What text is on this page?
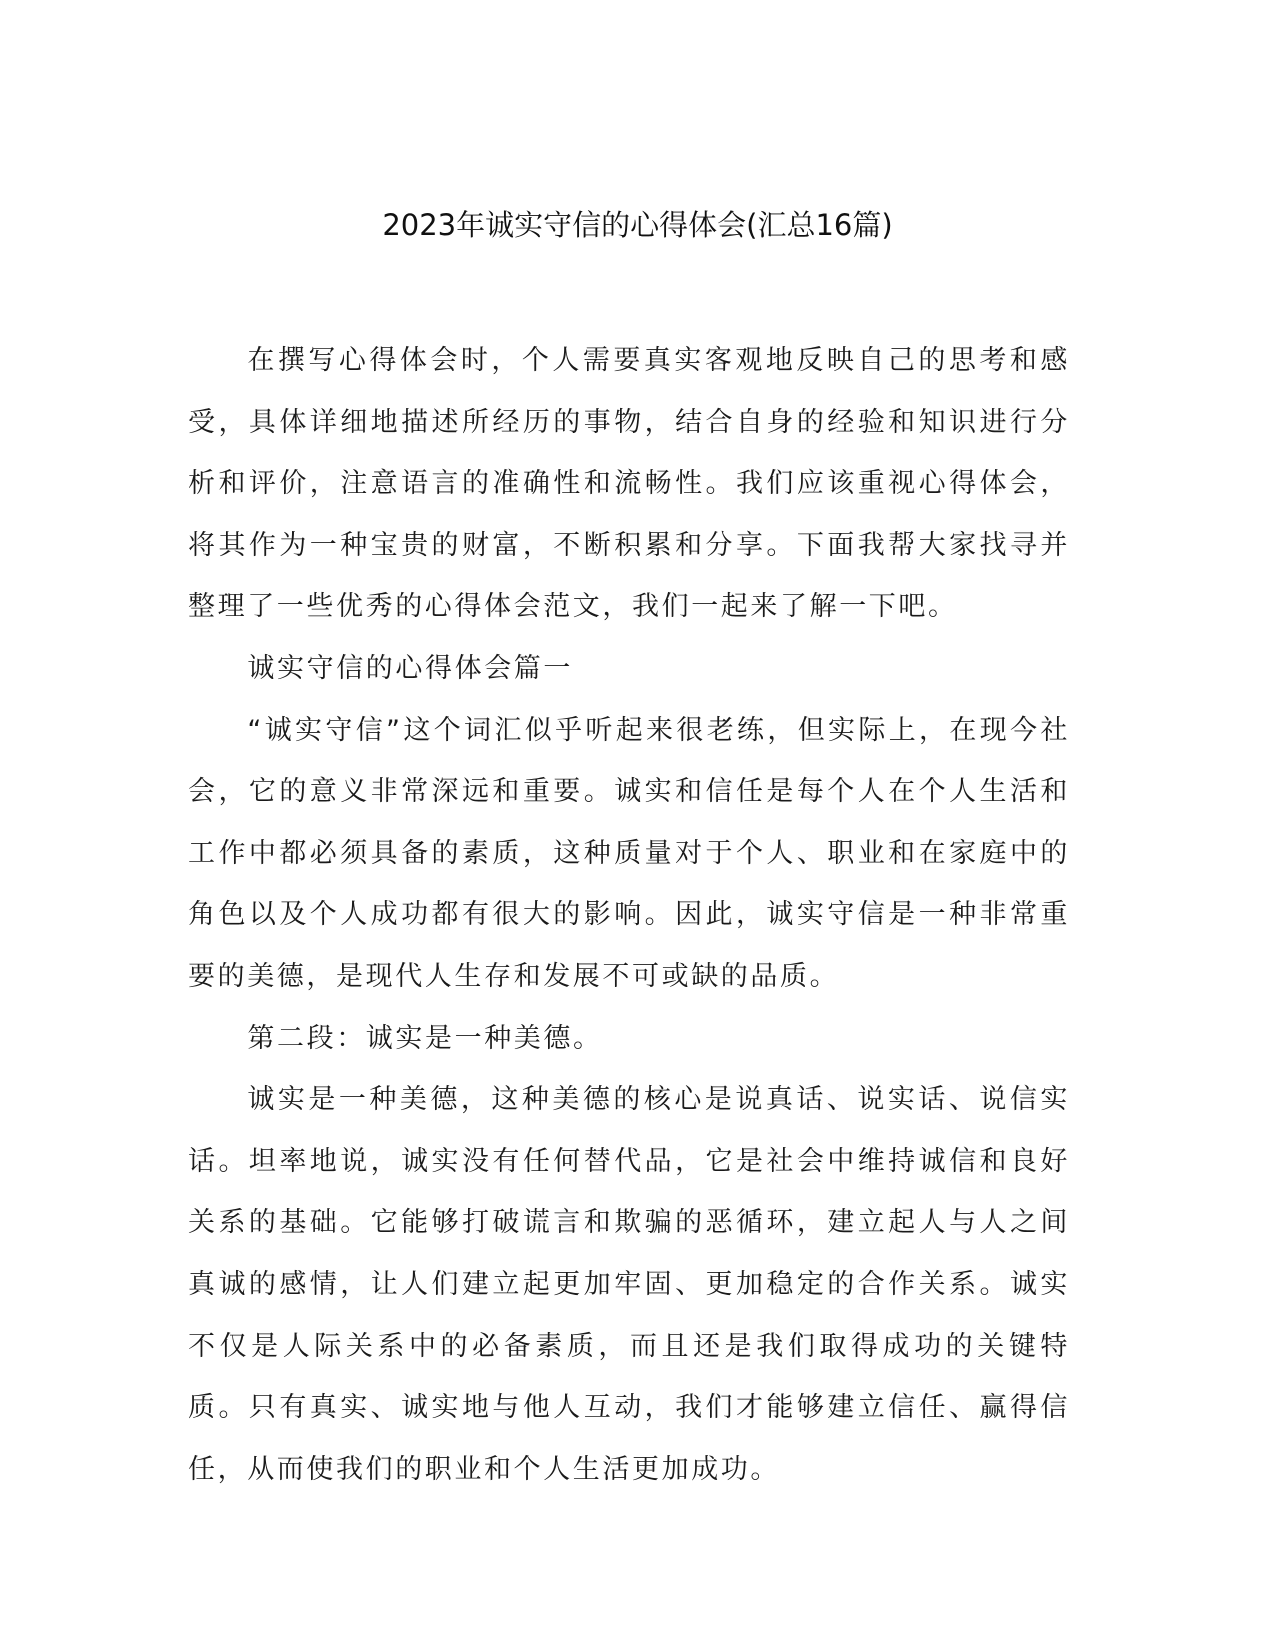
2023年诚实守信的心得体会(汇总16篇)

在撰写心得体会时，个人需要真实客观地反映自己的思考和感受，具体详细地描述所经历的事物，结合自身的经验和知识进行分析和评价，注意语言的准确性和流畅性。我们应该重视心得体会，将其作为一种宝贵的财富，不断积累和分享。下面我帮大家找寻并整理了一些优秀的心得体会范文，我们一起来了解一下吧。

诚实守信的心得体会篇一

“诚实守信”这个词汇似乎听起来很老练，但实际上，在现今社会，它的意义非常深远和重要。诚实和信任是每个人在个人生活和工作中都必须具备的素质，这种质量对于个人、职业和在家庭中的角色以及个人成功都有很大的影响。因此，诚实守信是一种非常重要的美德，是现代人生存和发展不可或缺的品质。

第二段：诚实是一种美德。

诚实是一种美德，这种美德的核心是说真话、说实话、说信实话。坦率地说，诚实没有任何替代品，它是社会中维持诚信和良好关系的基础。它能够打破谎言和欺骗的恶循环，建立起人与人之间真诚的感情，让人们建立起更加牢固、更加稳定的合作关系。诚实不仅是人际关系中的必备素质，而且还是我们取得成功的关键特质。只有真实、诚实地与他人互动，我们才能够建立信任、赢得信任，从而使我们的职业和个人生活更加成功。
